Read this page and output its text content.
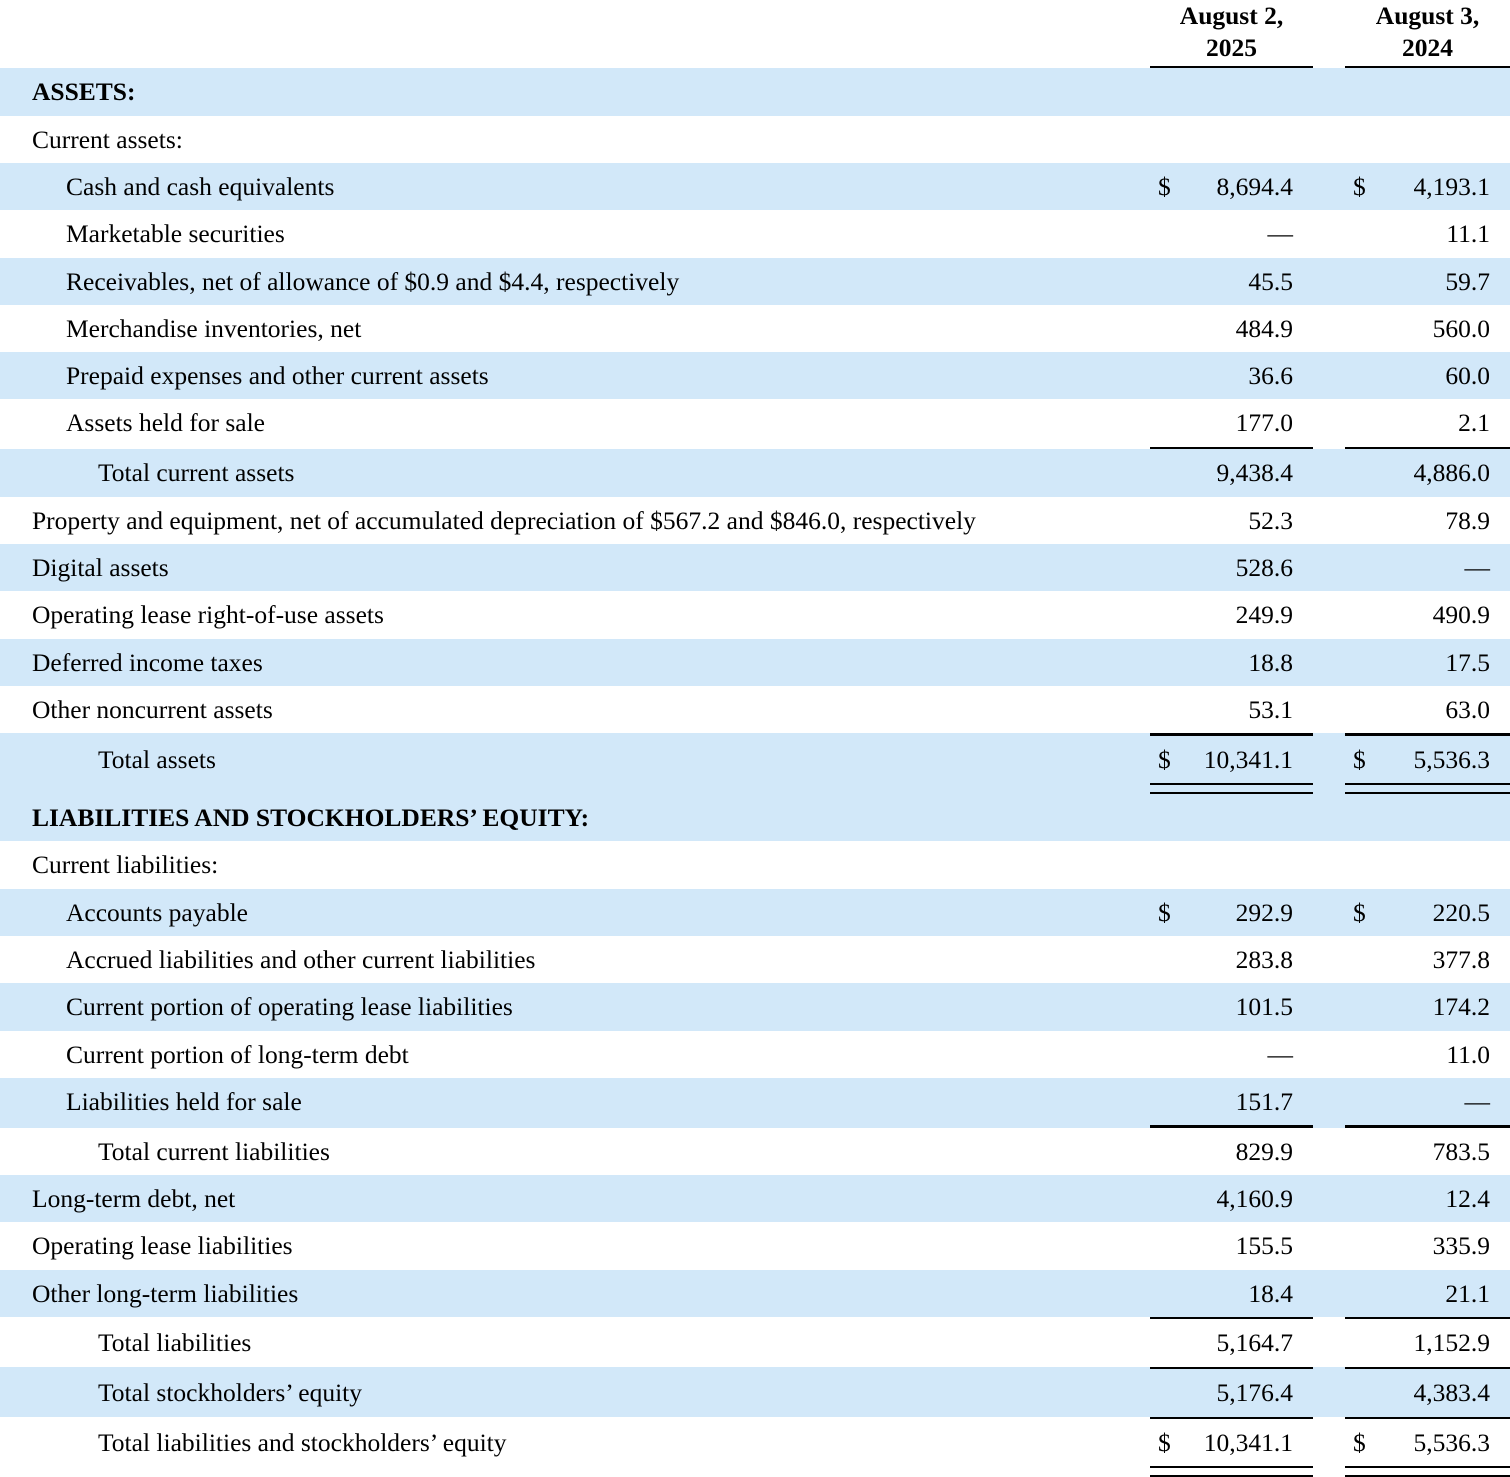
		August 2,
2025			August 3,
2024	

ASSETS:						
Current assets:						
Cash and cash equivalents		$	8,694.4		$	4,193.1
Marketable securities			—			11.1
Receivables, net of allowance of $0.9 and $4.4, respectively			45.5			59.7
Merchandise inventories, net			484.9			560.0
Prepaid expenses and other current assets			36.6			60.0
Assets held for sale			177.0			2.1

Total current assets			9,438.4			4,886.0
Property and equipment, net of accumulated depreciation of $567.2 and $846.0, respectively			52.3			78.9
Digital assets			528.6			—
Operating lease right-of-use assets			249.9			490.9
Deferred income taxes			18.8			17.5
Other noncurrent assets			53.1			63.0

Total assets		$	10,341.1		$	5,536.3

LIABILITIES AND STOCKHOLDERS’ EQUITY:						
Current liabilities:						
Accounts payable		$	292.9		$	220.5
Accrued liabilities and other current liabilities			283.8			377.8
Current portion of operating lease liabilities			101.5			174.2
Current portion of long-term debt			—			11.0
Liabilities held for sale			151.7			—

Total current liabilities			829.9			783.5
Long-term debt, net			4,160.9			12.4
Operating lease liabilities			155.5			335.9
Other long-term liabilities			18.4			21.1

Total liabilities			5,164.7			1,152.9

Total stockholders’ equity			5,176.4			4,383.4

Total liabilities and stockholders’ equity		$	10,341.1		$	5,536.3
